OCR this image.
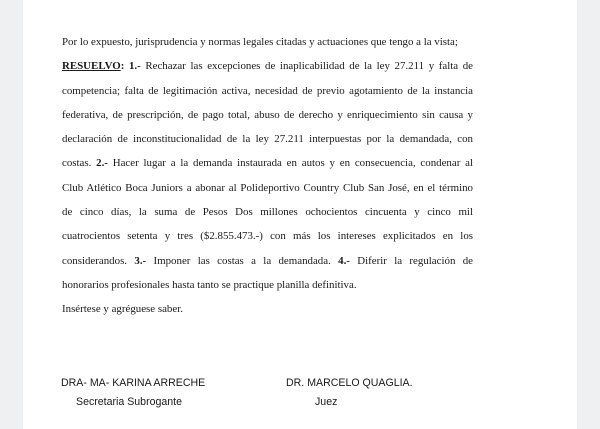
Por lo expuesto, jurisprudencia y normas legales citadas y actuaciones que tengo a la vista;
RESUELVO: 1.- Rechazar las excepciones de inaplicabilidad de la ley 27.211 y falta de
competencia; falta de legitimación activa, necesidad de previo agotamiento de la instancia
federativa, de prescripción, de pago total, abuso de derecho y enriquecimiento sin causa y
declaración de inconstitucionalidad de la ley 27.211 interpuestas por la demandada, con
costas. 2.- Hacer lugar a la demanda instaurada en autos y en consecuencia, condenar al
Club Atlético Boca Juniors a abonar al Polideportivo Country Club San José, en el término
de cinco días, la suma de Pesos Dos millones ochocientos cincuenta y cinco mil
cuatrocientos setenta y tres ($2.855.473.-) con más los intereses explicitados en los
considerandos. 3.- Imponer las costas a la demandada. 4.- Diferir la regulación de
honorarios profesionales hasta tanto se practique planilla definitiva.
Insértese y agréguese saber.
DRA- MA- KARINA ARRECHE
Secretaria Subrogante
DR. MARCELO QUAGLIA.
Juez
